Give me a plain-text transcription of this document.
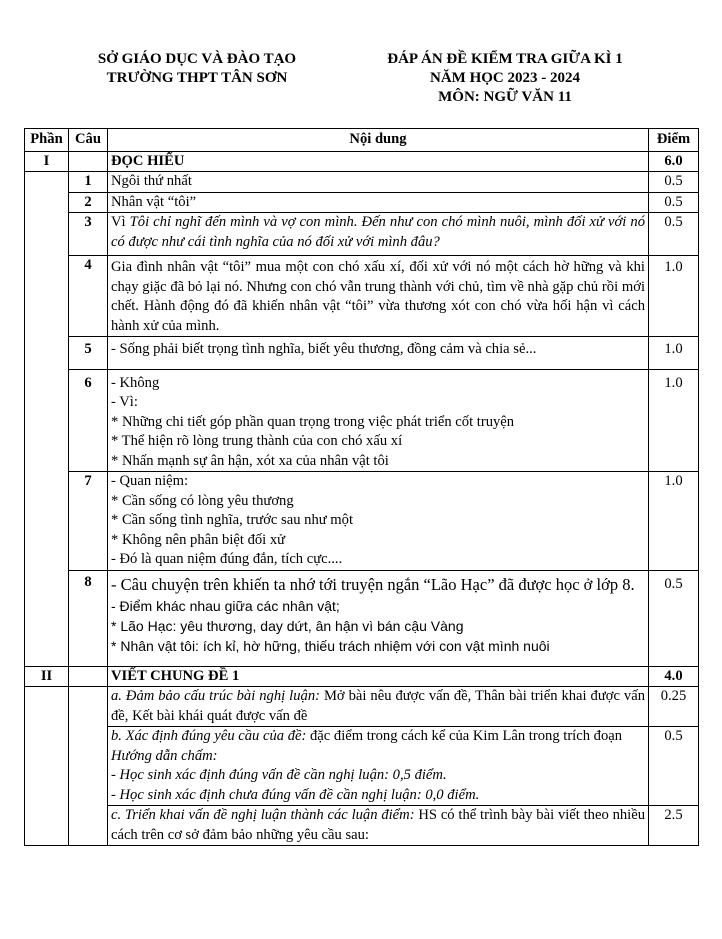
SỞ GIÁO DỤC VÀ ĐÀO TẠO
TRƯỜNG THPT TÂN SƠN
ĐÁP ÁN ĐỀ KIỂM TRA GIỮA KÌ 1
NĂM HỌC 2023 - 2024
MÔN: NGỮ VĂN 11
Phần	Câu	Nội dung	Điểm
I		ĐỌC HIỂU	6.0
	1	Ngôi thứ nhất	0.5
	2	Nhân vật “tôi”	0.5
	3	Vì Tôi chỉ nghĩ đến mình và vợ con mình. Đến như con chó mình nuôi, mình đối xử với nó có được như cái tình nghĩa của nó đối xử với mình đâu?	0.5
	4	Gia đình nhân vật “tôi” mua một con chó xấu xí, đối xử với nó một cách hờ hững và khi chạy giặc đã bỏ lại nó. Nhưng con chó vẫn trung thành với chủ, tìm về nhà gặp chủ rồi mới chết. Hành động đó đã khiến nhân vật “tôi” vừa thương xót con chó vừa hối hận vì cách hành xử của mình.	1.0
	5	- Sống phải biết trọng tình nghĩa, biết yêu thương, đồng cảm và chia sẻ...	1.0
	6	- Không
- Vì:
* Những chi tiết góp phần quan trọng trong việc phát triển cốt truyện
* Thể hiện rõ lòng trung thành của con chó xấu xí
* Nhấn mạnh sự ân hận, xót xa của nhân vật tôi	1.0
	7	- Quan niệm:
* Cần sống có lòng yêu thương
* Cần sống tình nghĩa, trước sau như một
* Không nên phân biệt đối xử
- Đó là quan niệm đúng đắn, tích cực....	1.0
	8	- Câu chuyện trên khiến ta nhớ tới truyện ngắn “Lão Hạc” đã được học ở lớp 8.
- Điểm khác nhau giữa các nhân vật;
* Lão Hạc: yêu thương, day dứt, ân hận vì bán cậu Vàng
* Nhân vật tôi: ích kỉ, hờ hững, thiếu trách nhiệm với con vật mình nuôi	0.5
II		VIẾT CHUNG ĐỀ 1	4.0
		a. Đảm bảo cấu trúc bài nghị luận: Mở bài nêu được vấn đề, Thân bài triển khai được vấn đề, Kết bài khái quát được vấn đề	0.25

		b. Xác định đúng yêu cầu của đề: đặc điểm trong cách kể của Kim Lân trong trích đoạn
Hướng dẫn chấm:
- Học sinh xác định đúng vấn đề cần nghị luận: 0,5 điểm.
- Học sinh xác định chưa đúng vấn đề cần nghị luận: 0,0 điểm.	0.5
		c. Triển khai vấn đề nghị luận thành các luận điểm: HS có thể trình bày bài viết theo nhiều cách trên cơ sở đảm bảo những yêu cầu sau:	2.5
